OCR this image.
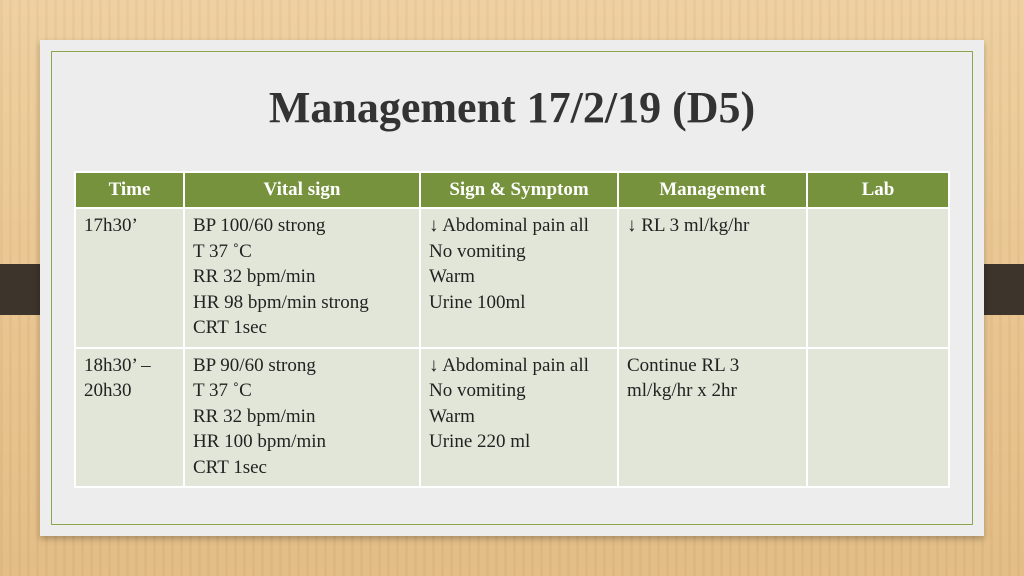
Management 17/2/19 (D5)
Time	Vital sign	Sign & Symptom	Management	Lab

17h30’	BP 100/60 strong
T 37 ˚C
RR 32 bpm/min
HR 98 bpm/min strong
CRT 1sec	↓ Abdominal pain all
No vomiting
Warm
Urine 100ml	↓ RL 3 ml/kg/hr	

18h30’ –
20h30	BP 90/60 strong
T 37 ˚C
RR 32 bpm/min
HR 100 bpm/min
CRT 1sec	↓ Abdominal pain all
No vomiting
Warm
Urine 220 ml	Continue RL 3
ml/kg/hr x 2hr	
